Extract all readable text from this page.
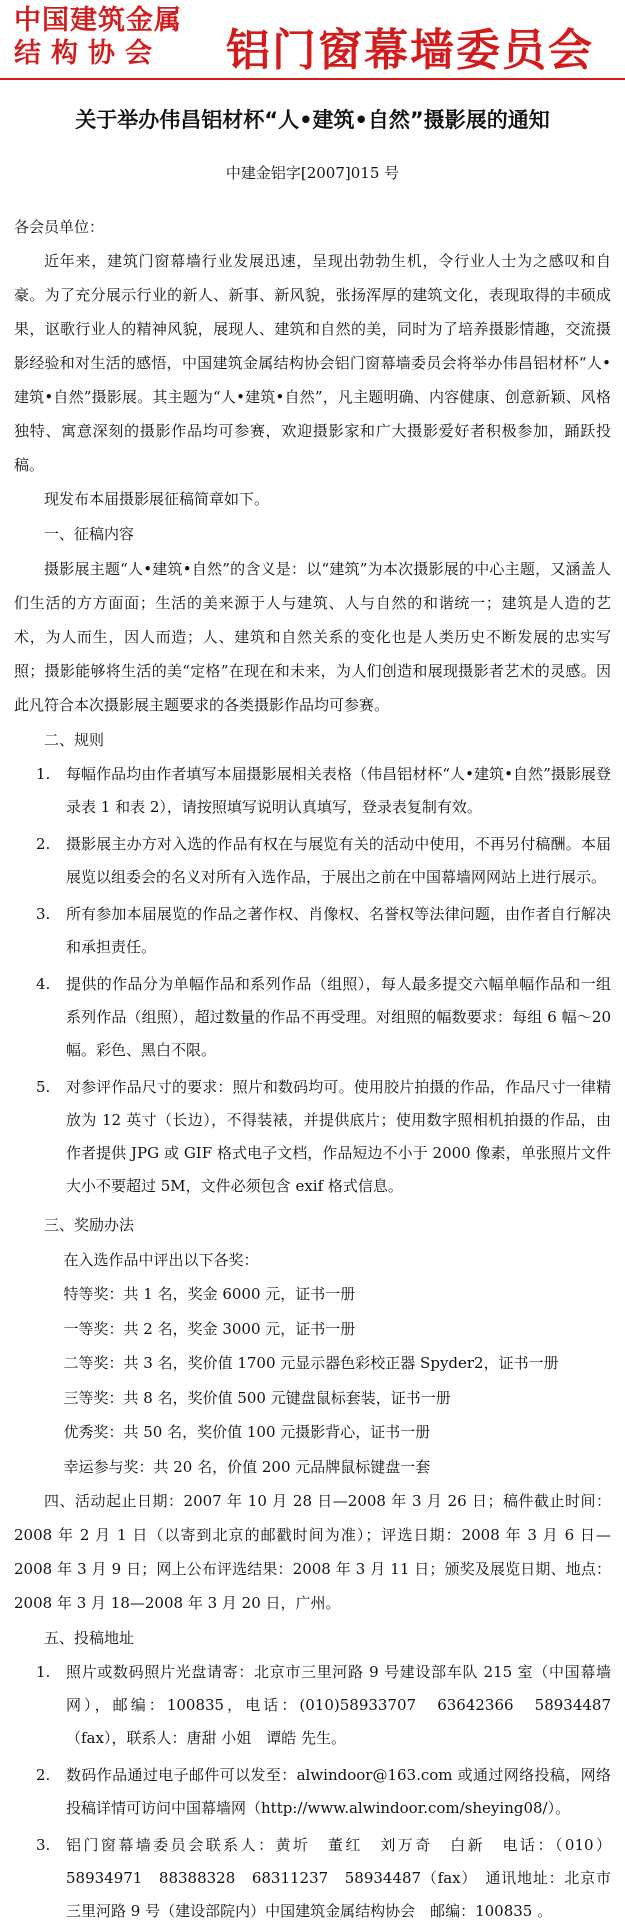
中国建筑金属
结构协会	铝门窗幕墙委员会
关于举办伟昌铝材杯“人•建筑•自然”摄影展的通知
中建金铝字[2007]015 号

各会员单位：

近年来，建筑门窗幕墙行业发展迅速，呈现出勃勃生机，令行业人士为之感叹和自豪。为了充分展示行业的新人、新事、新风貌，张扬浑厚的建筑文化，表现取得的丰硕成果，讴歌行业人的精神风貌，展现人、建筑和自然的美，同时为了培养摄影情趣，交流摄影经验和对生活的感悟，中国建筑金属结构协会铝门窗幕墙委员会将举办伟昌铝材杯“人•建筑•自然”摄影展。其主题为“人•建筑•自然”，凡主题明确、内容健康、创意新颖、风格独特、寓意深刻的摄影作品均可参赛，欢迎摄影家和广大摄影爱好者积极参加，踊跃投稿。

现发布本届摄影展征稿简章如下。

一、征稿内容

摄影展主题“人•建筑•自然”的含义是：以“建筑”为本次摄影展的中心主题，又涵盖人们生活的方方面面；生活的美来源于人与建筑、人与自然的和谐统一；建筑是人造的艺术，为人而生，因人而造；人、建筑和自然关系的变化也是人类历史不断发展的忠实写照；摄影能够将生活的美“定格”在现在和未来，为人们创造和展现摄影者艺术的灵感。因此凡符合本次摄影展主题要求的各类摄影作品均可参赛。

二、规则

1.	每幅作品均由作者填写本届摄影展相关表格（伟昌铝材杯“人•建筑•自然”摄影展登录表 1 和表 2），请按照填写说明认真填写，登录表复制有效。
2.	摄影展主办方对入选的作品有权在与展览有关的活动中使用，不再另付稿酬。本届展览以组委会的名义对所有入选作品，于展出之前在中国幕墙网网站上进行展示。
3.	所有参加本届展览的作品之著作权、肖像权、名誉权等法律问题，由作者自行解决和承担责任。
4.	提供的作品分为单幅作品和系列作品（组照），每人最多提交六幅单幅作品和一组系列作品（组照），超过数量的作品不再受理。对组照的幅数要求：每组 6 幅～20 幅。彩色、黑白不限。
5.	对参评作品尺寸的要求：照片和数码均可。使用胶片拍摄的作品，作品尺寸一律精放为 12 英寸（长边），不得装裱，并提供底片；使用数字照相机拍摄的作品，由作者提供 JPG 或 GIF 格式电子文档，作品短边不小于 2000 像素，单张照片文件大小不要超过 5M，文件必须包含 exif 格式信息。

三、奖励办法

在入选作品中评出以下各奖：

特等奖：共 1 名，奖金 6000 元，证书一册

一等奖：共 2 名，奖金 3000 元，证书一册

二等奖：共 3 名，奖价值 1700 元显示器色彩校正器 Spyder2，证书一册

三等奖：共 8 名，奖价值 500 元键盘鼠标套装，证书一册

优秀奖：共 50 名，奖价值 100 元摄影背心，证书一册

幸运参与奖：共 20 名，价值 200 元品牌鼠标键盘一套

四、活动起止日期：2007 年 10 月 28 日—2008 年 3 月 26 日；稿件截止时间：2008 年 2 月 1 日（以寄到北京的邮戳时间为准）；评选日期：2008 年 3 月 6 日—2008 年 3 月 9 日；网上公布评选结果：2008 年 3 月 11 日；颁奖及展览日期、地点：2008 年 3 月 18—2008 年 3 月 20 日，广州。

五、投稿地址

1.	照片或数码照片光盘请寄：北京市三里河路 9 号建设部车队 215 室（中国幕墙网），邮编：100835，电话：(010)58933707　63642366　58934487（fax），联系人：唐甜 小姐　谭皓 先生。
2.	数码作品通过电子邮件可以发至：alwindoor@163.com 或通过网络投稿，网络投稿详情可访问中国幕墙网（http://www.alwindoor.com/sheying08/）。
3.	铝门窗幕墙委员会联系人：黄圻　董红　刘万奇　白新　电话：（010）58934971　88388328　68311237　58934487（fax）　通讯地址：北京市三里河路 9 号（建设部院内）中国建筑金属结构协会　邮编：100835 。
